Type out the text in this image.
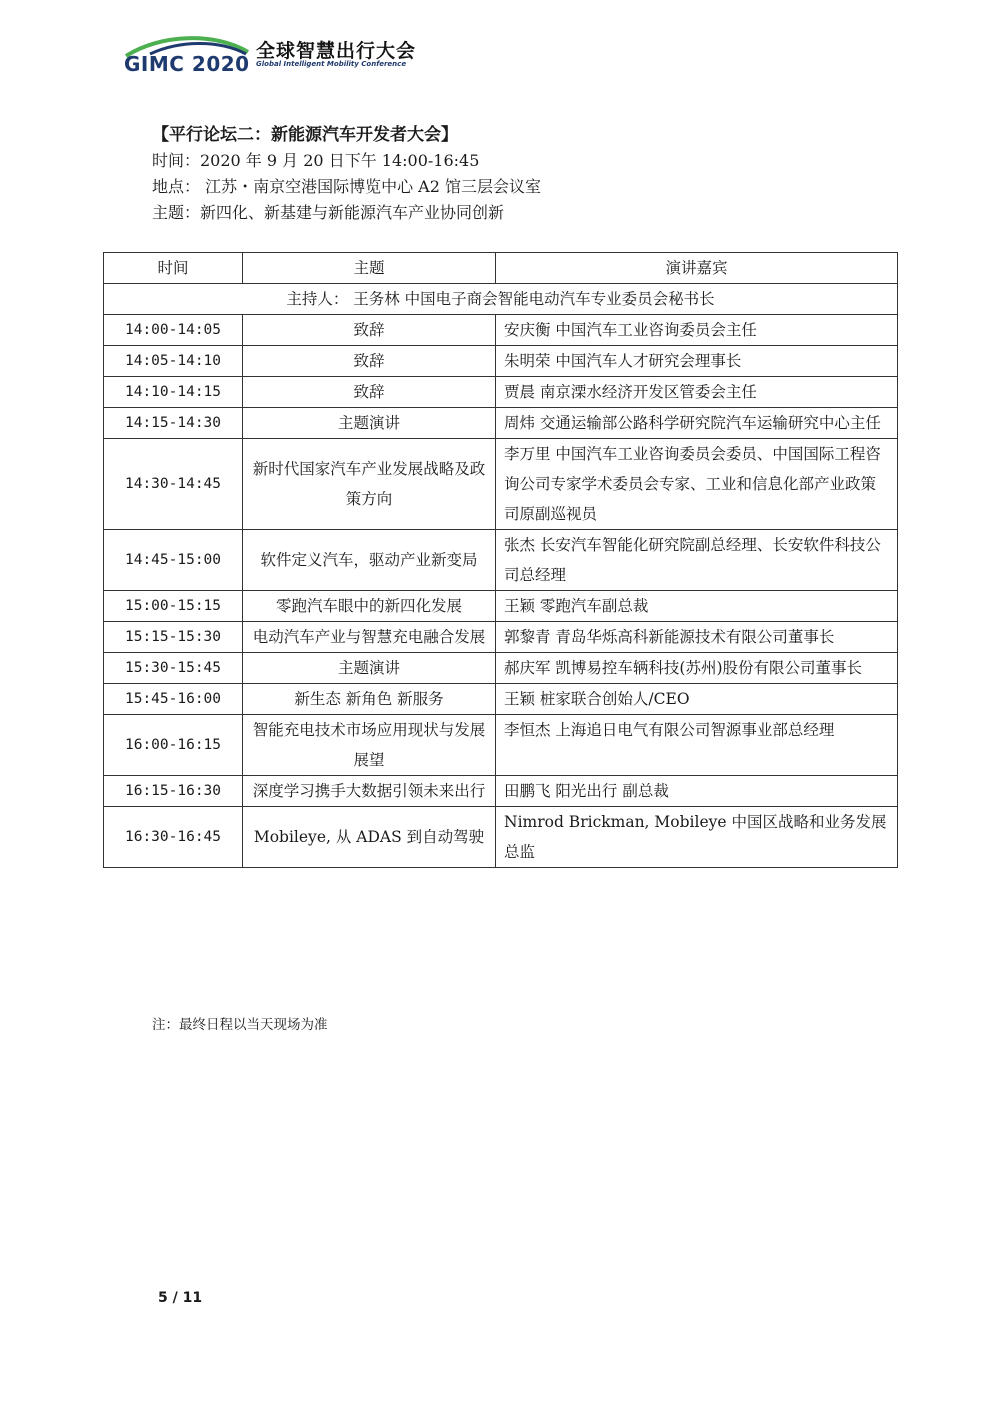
GIMC 2020
全球智慧出行大会
Global Intelligent Mobility Conference
【平行论坛二：新能源汽车开发者大会】
时间：2020 年 9 月 20 日下午 14:00-16:45
地点： 江苏・南京空港国际博览中心 A2 馆三层会议室
主题：新四化、新基建与新能源汽车产业协同创新
时间	主题	演讲嘉宾
主持人： 王务林 中国电子商会智能电动汽车专业委员会秘书长		
14:00-14:05	致辞	安庆衡 中国汽车工业咨询委员会主任
14:05-14:10	致辞	朱明荣 中国汽车人才研究会理事长
14:10-14:15	致辞	贾晨 南京溧水经济开发区管委会主任
14:15-14:30	主题演讲	周炜 交通运输部公路科学研究院汽车运输研究中心主任
14:30-14:45	新时代国家汽车产业发展战略及政策方向	李万里 中国汽车工业咨询委员会委员、中国国际工程咨询公司专家学术委员会专家、工业和信息化部产业政策司原副巡视员
14:45-15:00	软件定义汽车，驱动产业新变局	张杰 长安汽车智能化研究院副总经理、长安软件科技公司总经理
15:00-15:15	零跑汽车眼中的新四化发展	王颖 零跑汽车副总裁
15:15-15:30	电动汽车产业与智慧充电融合发展	郭黎青 青岛华烁高科新能源技术有限公司董事长
15:30-15:45	主题演讲	郝庆军 凯博易控车辆科技(苏州)股份有限公司董事长
15:45-16:00	新生态 新角色 新服务	王颖 桩家联合创始人/CEO
16:00-16:15	智能充电技术市场应用现状与发展展望	李恒杰 上海追日电气有限公司智源事业部总经理
16:15-16:30	深度学习携手大数据引领未来出行	田鹏飞 阳光出行 副总裁
16:30-16:45	Mobileye, 从 ADAS 到自动驾驶	Nimrod Brickman, Mobileye 中国区战略和业务发展总监
注：最终日程以当天现场为准
5 / 11
